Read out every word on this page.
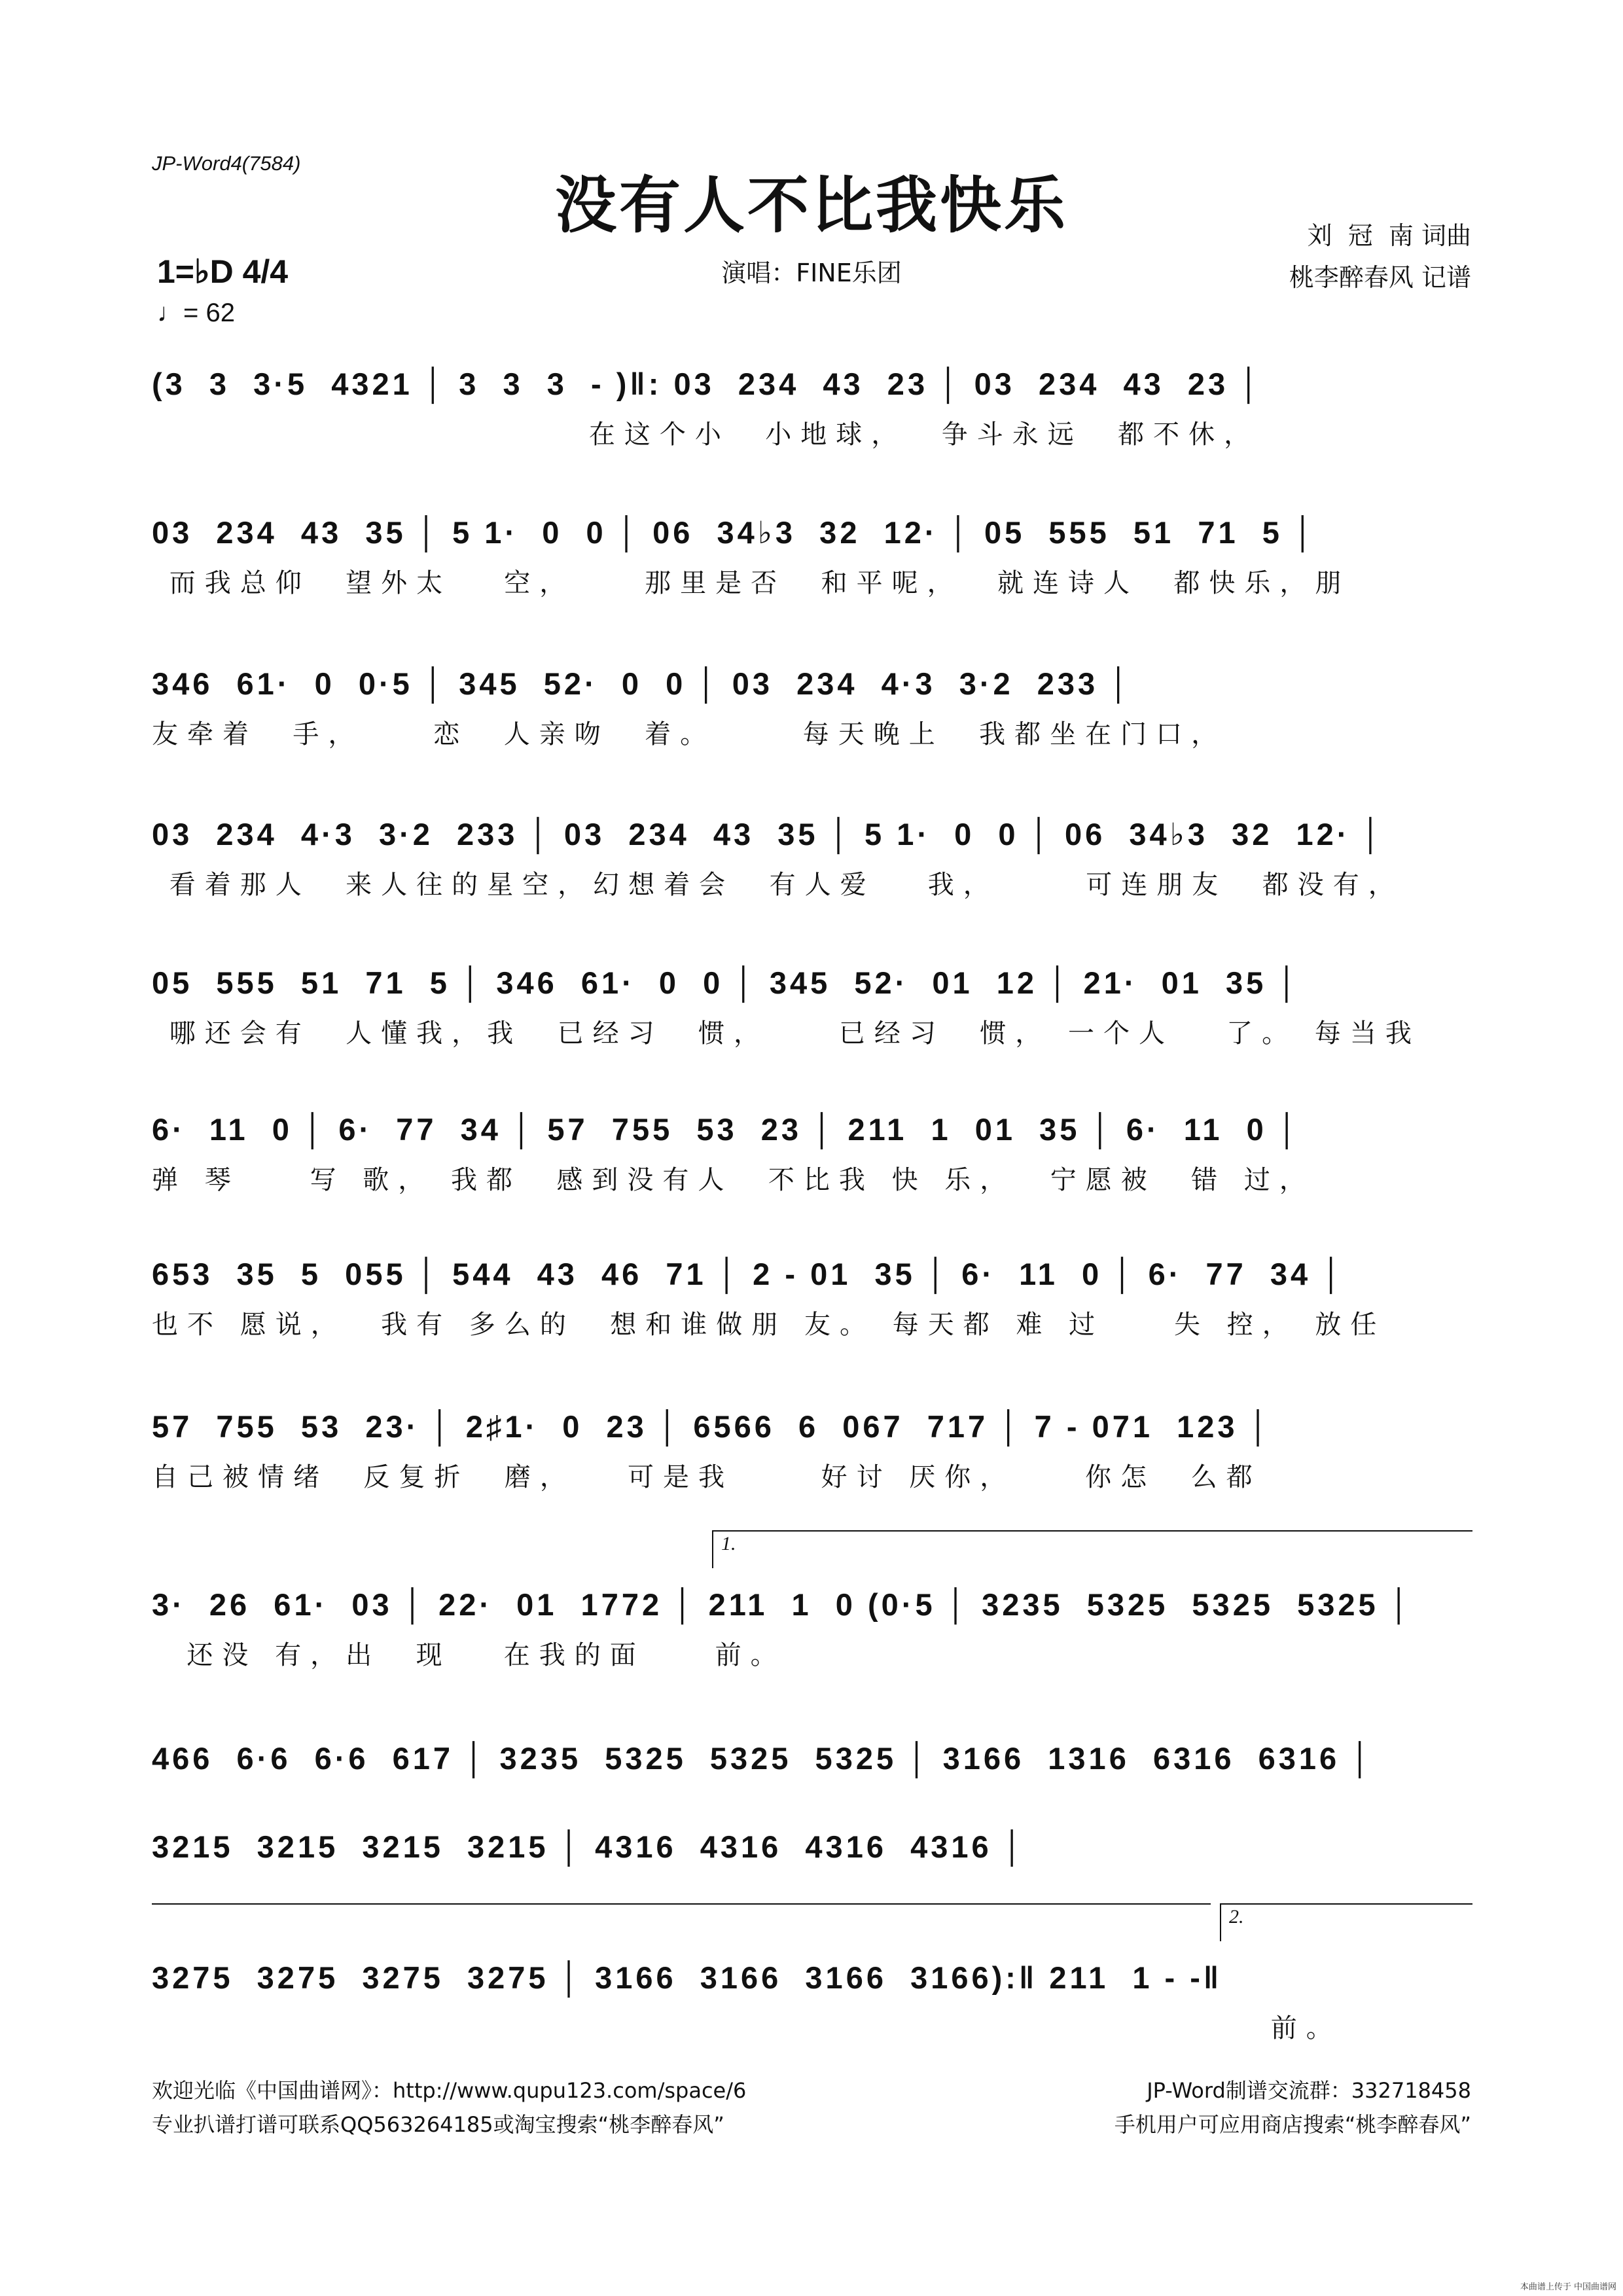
JP-Word4(7584)
没有人不比我快乐	刘  冠  南 词曲
桃李醉春风 记谱
演唱：FINE乐团
1=♭D 4/4
♩= 62
(3  3  3·5  4321 │ 3  3  3  - )‖: 03  234  43  23 │ 03  234  43  23 │
在这个小  小地球，  争斗永远  都不休，
03  234  43  35 │ 5 1·  0  0 │ 06  34♭3  32  12· │ 05  555  51  71  5 │
而我总仰  望外太   空，    那里是否  和平呢，  就连诗人  都快乐，朋
346  61·  0  0·5 │ 345  52·  0  0 │ 03  234  4·3  3·2  233 │
友牵着  手，    恋  人亲吻  着。     每天晚上  我都坐在门口，
03  234  4·3  3·2  233 │ 03  234  43  35 │ 5 1·  0  0 │ 06  34♭3  32  12· │
看着那人  来人往的星空，幻想着会  有人爱   我，     可连朋友  都没有，
05  555  51  71  5 │ 346  61·  0  0 │ 345  52·  01  12 │ 21·  01  35 │
哪还会有  人懂我，我  已经习  惯，    已经习  惯， 一个人   了。 每当我
6·  11  0 │ 6·  77  34 │ 57  755  53  23 │ 211  1  01  35 │ 6·  11  0 │
弹 琴    写 歌， 我都  感到没有人  不比我 快 乐，  宁愿被  错 过，
653  35  5  055 │ 544  43  46  71 │ 2 - 01  35 │ 6·  11  0 │ 6·  77  34 │
也不 愿说，  我有 多么的  想和谁做朋 友。 每天都 难 过    失 控， 放任
57  755  53  23· │ 2♯1·  0  23 │ 6566  6  067  717 │ 7 - 071  123 │
自己被情绪  反复折  磨，   可是我     好讨 厌你，    你怎  么都
1.
3·  26  61·  03 │ 22·  01  1772 │ 211  1  0 (0·5 │ 3235  5325  5325  5325 │
还没 有，出  现   在我的面    前。
466  6·6  6·6  617 │ 3235  5325  5325  5325 │ 3166  1316  6316  6316 │
3215  3215  3215  3215 │ 4316  4316  4316  4316 │
2.
3275  3275  3275  3275 │ 3166  3166  3166  3166):‖ 211  1 - -‖
前。
欢迎光临《中国曲谱网》：http://www.qupu123.com/space/6	JP-Word制谱交流群：332718458
专业扒谱打谱可联系QQ563264185或淘宝搜索“桃李醉春风”	手机用户可应用商店搜索“桃李醉春风”
本曲谱上传于 中国曲谱网
